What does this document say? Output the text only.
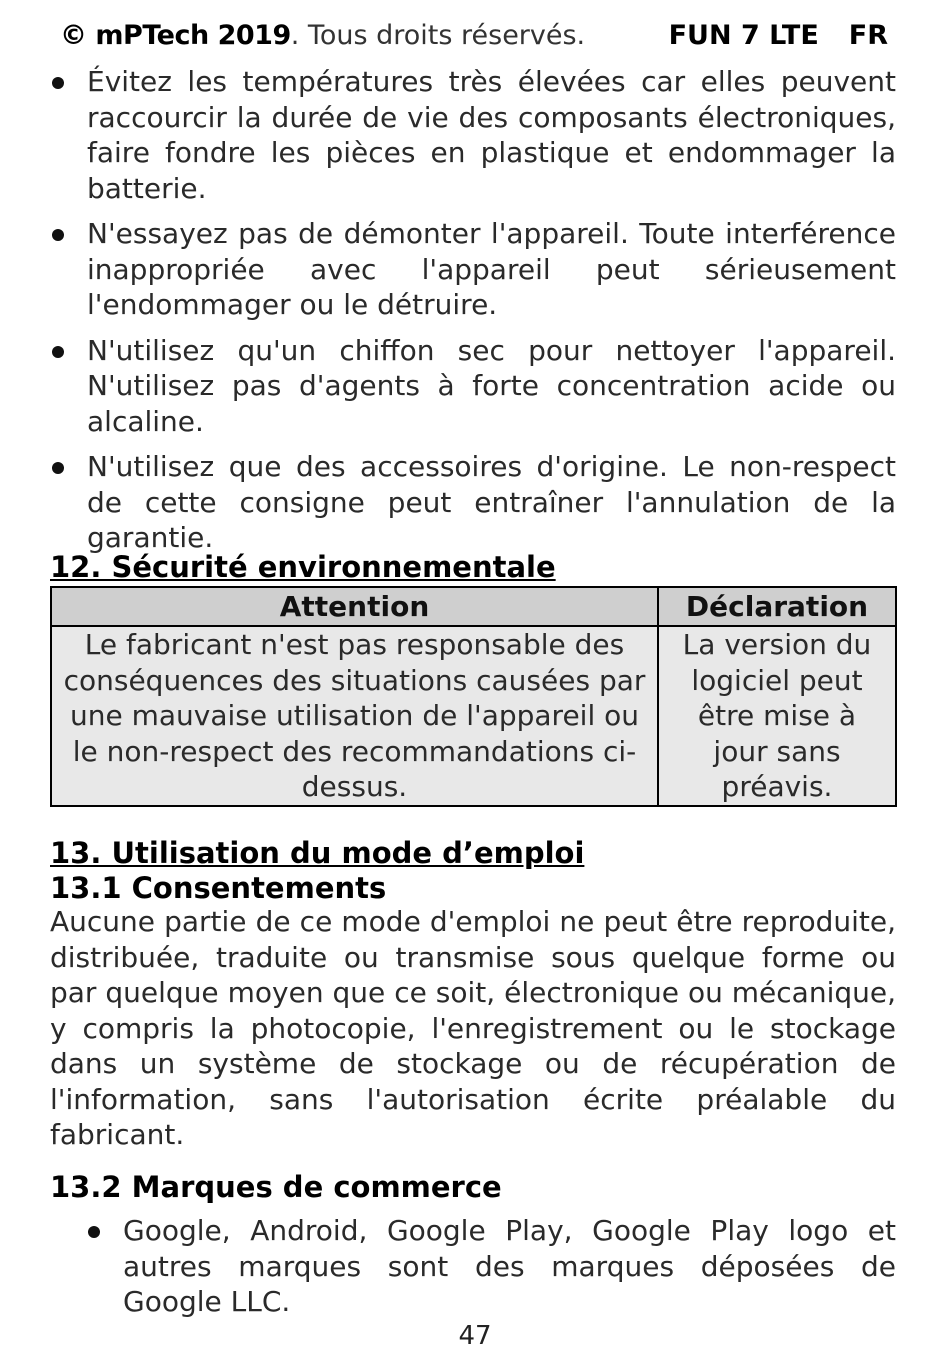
© mPTech 2019. Tous droits réservés.	FUN 7 LTE FR
Évitez les températures très élevées car elles peuvent raccourcir la durée de vie des composants électroniques, faire fondre les pièces en plastique et endommager la batterie.
N'essayez pas de démonter l'appareil. Toute interférence inappropriée avec l'appareil peut sérieusement l'endommager ou le détruire.
N'utilisez qu'un chiffon sec pour nettoyer l'appareil. N'utilisez pas d'agents à forte concentration acide ou alcaline.
N'utilisez que des accessoires d'origine. Le non-respect de cette consigne peut entraîner l'annulation de la garantie.
12. Sécurité environnementale
Attention	Déclaration
Le fabricant n'est pas responsable des conséquences des situations causées par une mauvaise utilisation de l'appareil ou le non-respect des recommandations ci-dessus.	La version du logiciel peut être mise à jour sans préavis.
13. Utilisation du mode d’emploi
13.1 Consentements

Aucune partie de ce mode d'emploi ne peut être reproduite, distribuée, traduite ou transmise sous quelque forme ou par quelque moyen que ce soit, électronique ou mécanique, y compris la photocopie, l'enregistrement ou le stockage dans un système de stockage ou de récupération de l'information, sans l'autorisation écrite préalable du fabricant.

13.2 Marques de commerce
Google, Android, Google Play, Google Play logo et autres marques sont des marques déposées de Google LLC.
47
